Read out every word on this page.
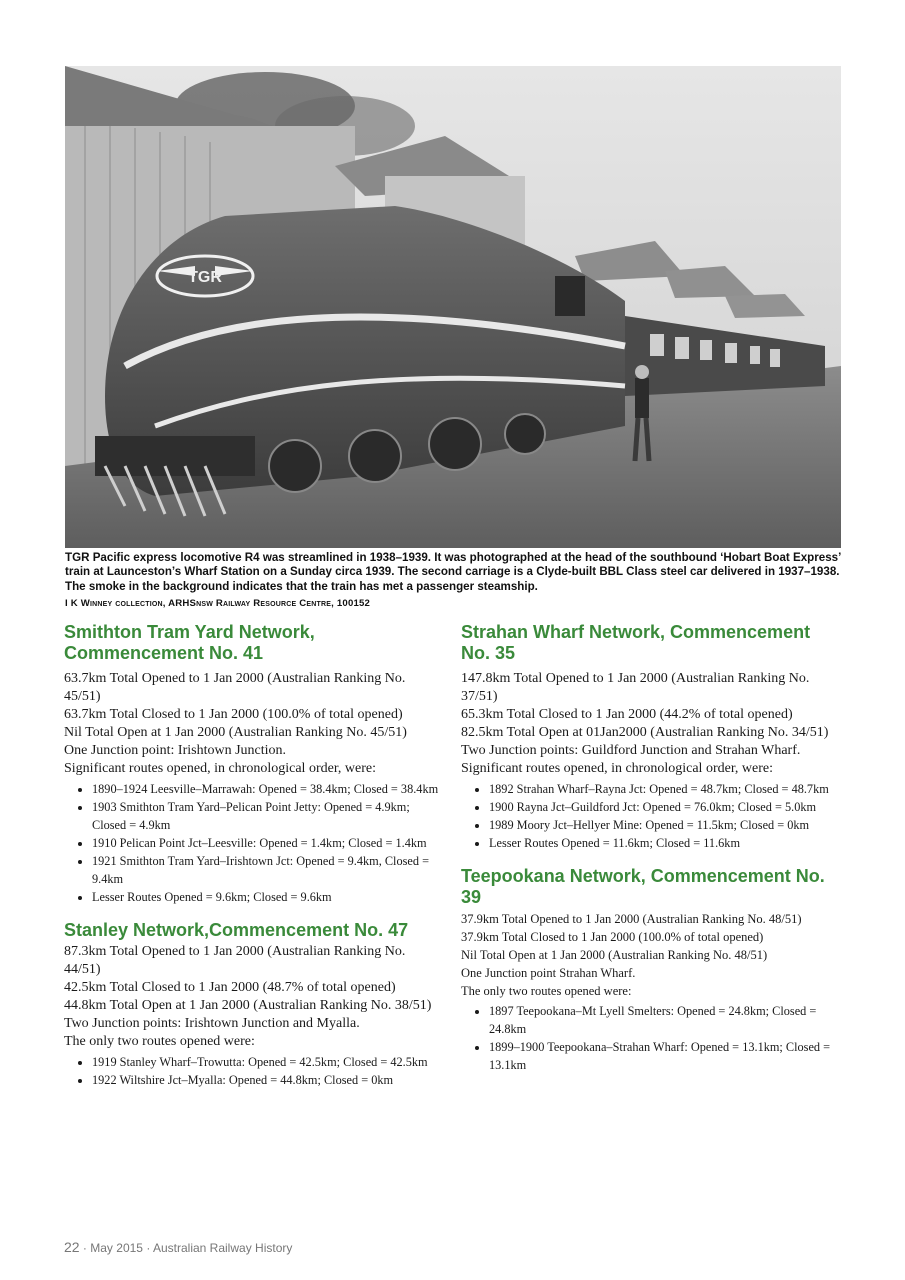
TGR
TGR Pacific express locomotive R4 was streamlined in 1938–1939. It was photographed at the head of the southbound ‘Hobart Boat Express’ train at Launceston’s Wharf Station on a Sunday circa 1939. The second carriage is a Clyde-built BBL Class steel car delivered in 1937–1938. The smoke in the background indicates that the train has met a passenger steamship.
I K Winney collection, ARHSnsw Railway Resource Centre, 100152
Smithton Tram Yard Network, Commencement No. 41
63.7km Total Opened to 1 Jan 2000 (Australian Ranking No. 45/51)
63.7km Total Closed to 1 Jan 2000 (100.0% of total opened)
Nil Total Open at 1 Jan 2000 (Australian Ranking No. 45/51)
One Junction point: Irishtown Junction.
Significant routes opened, in chronological order, were:
• 1890–1924 Leesville–Marrawah: Opened = 38.4km; Closed = 38.4km
• 1903 Smithton Tram Yard–Pelican Point Jetty: Opened = 4.9km; Closed = 4.9km
• 1910 Pelican Point Jct–Leesville: Opened = 1.4km; Closed = 1.4km
• 1921 Smithton Tram Yard–Irishtown Jct: Opened = 9.4km, Closed = 9.4km
• Lesser Routes Opened = 9.6km; Closed = 9.6km
Stanley Network,Commencement No. 47
87.3km Total Opened to 1 Jan 2000 (Australian Ranking No. 44/51)
42.5km Total Closed to 1 Jan 2000 (48.7% of total opened)
44.8km Total Open at 1 Jan 2000 (Australian Ranking No. 38/51)
Two Junction points: Irishtown Junction and Myalla.
The only two routes opened were:
• 1919 Stanley Wharf–Trowutta: Opened = 42.5km; Closed = 42.5km
• 1922 Wiltshire Jct–Myalla: Opened = 44.8km; Closed = 0km
Strahan Wharf Network, Commencement No. 35
147.8km Total Opened to 1 Jan 2000 (Australian Ranking No. 37/51)
65.3km Total Closed to 1 Jan 2000 (44.2% of total opened)
82.5km Total Open at 01Jan2000 (Australian Ranking No. 34/51)
Two Junction points: Guildford Junction and Strahan Wharf.
Significant routes opened, in chronological order, were:
• 1892 Strahan Wharf–Rayna Jct: Opened = 48.7km; Closed = 48.7km
• 1900 Rayna Jct–Guildford Jct: Opened = 76.0km; Closed = 5.0km
• 1989 Moory Jct–Hellyer Mine: Opened = 11.5km; Closed = 0km
• Lesser Routes Opened = 11.6km; Closed = 11.6km
Teepookana Network, Commencement No. 39
37.9km Total Opened to 1 Jan 2000 (Australian Ranking No. 48/51)
37.9km Total Closed to 1 Jan 2000 (100.0% of total opened)
Nil Total Open at 1 Jan 2000 (Australian Ranking No. 48/51)
One Junction point Strahan Wharf.
The only two routes opened were:
• 1897 Teepookana–Mt Lyell Smelters: Opened = 24.8km; Closed = 24.8km
• 1899–1900 Teepookana–Strahan Wharf: Opened = 13.1km; Closed = 13.1km
22 · May 2015 · Australian Railway History
